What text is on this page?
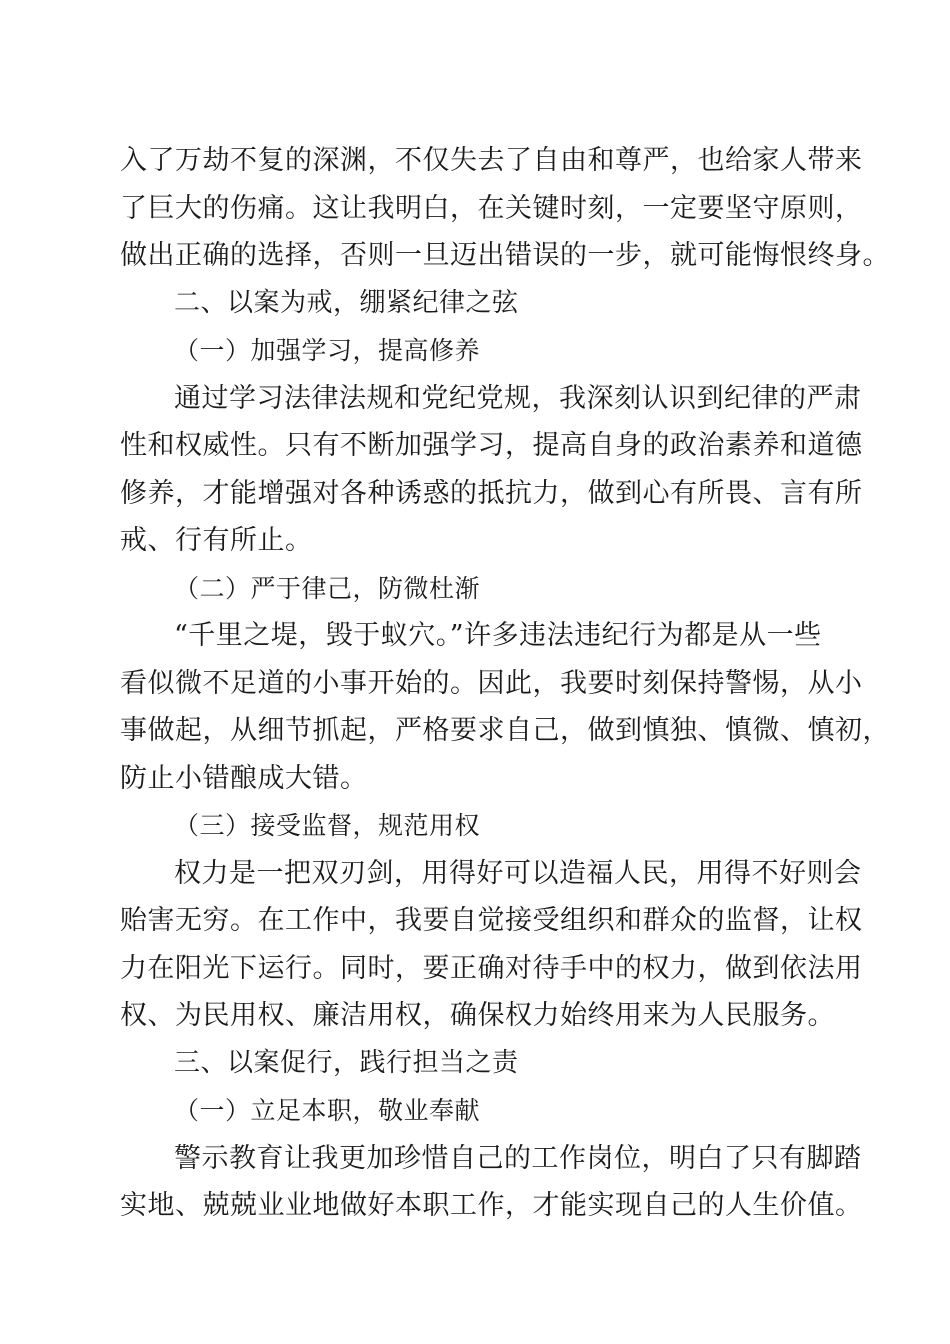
入了万劫不复的深渊，不仅失去了自由和尊严，也给家人带来
了巨大的伤痛。这让我明白，在关键时刻，一定要坚守原则，
做出正确的选择，否则一旦迈出错误的一步，就可能悔恨终身。
二、以案为戒，绷紧纪律之弦
（一）加强学习，提高修养
通过学习法律法规和党纪党规，我深刻认识到纪律的严肃
性和权威性。只有不断加强学习，提高自身的政治素养和道德
修养，才能增强对各种诱惑的抵抗力，做到心有所畏、言有所
戒、行有所止。
（二）严于律己，防微杜渐
“千里之堤，毁于蚁穴。”许多违法违纪行为都是从一些
看似微不足道的小事开始的。因此，我要时刻保持警惕，从小
事做起，从细节抓起，严格要求自己，做到慎独、慎微、慎初，
防止小错酿成大错。
（三）接受监督，规范用权
权力是一把双刃剑，用得好可以造福人民，用得不好则会
贻害无穷。在工作中，我要自觉接受组织和群众的监督，让权
力在阳光下运行。同时，要正确对待手中的权力，做到依法用
权、为民用权、廉洁用权，确保权力始终用来为人民服务。
三、以案促行，践行担当之责
（一）立足本职，敬业奉献
警示教育让我更加珍惜自己的工作岗位，明白了只有脚踏
实地、兢兢业业地做好本职工作，才能实现自己的人生价值。
